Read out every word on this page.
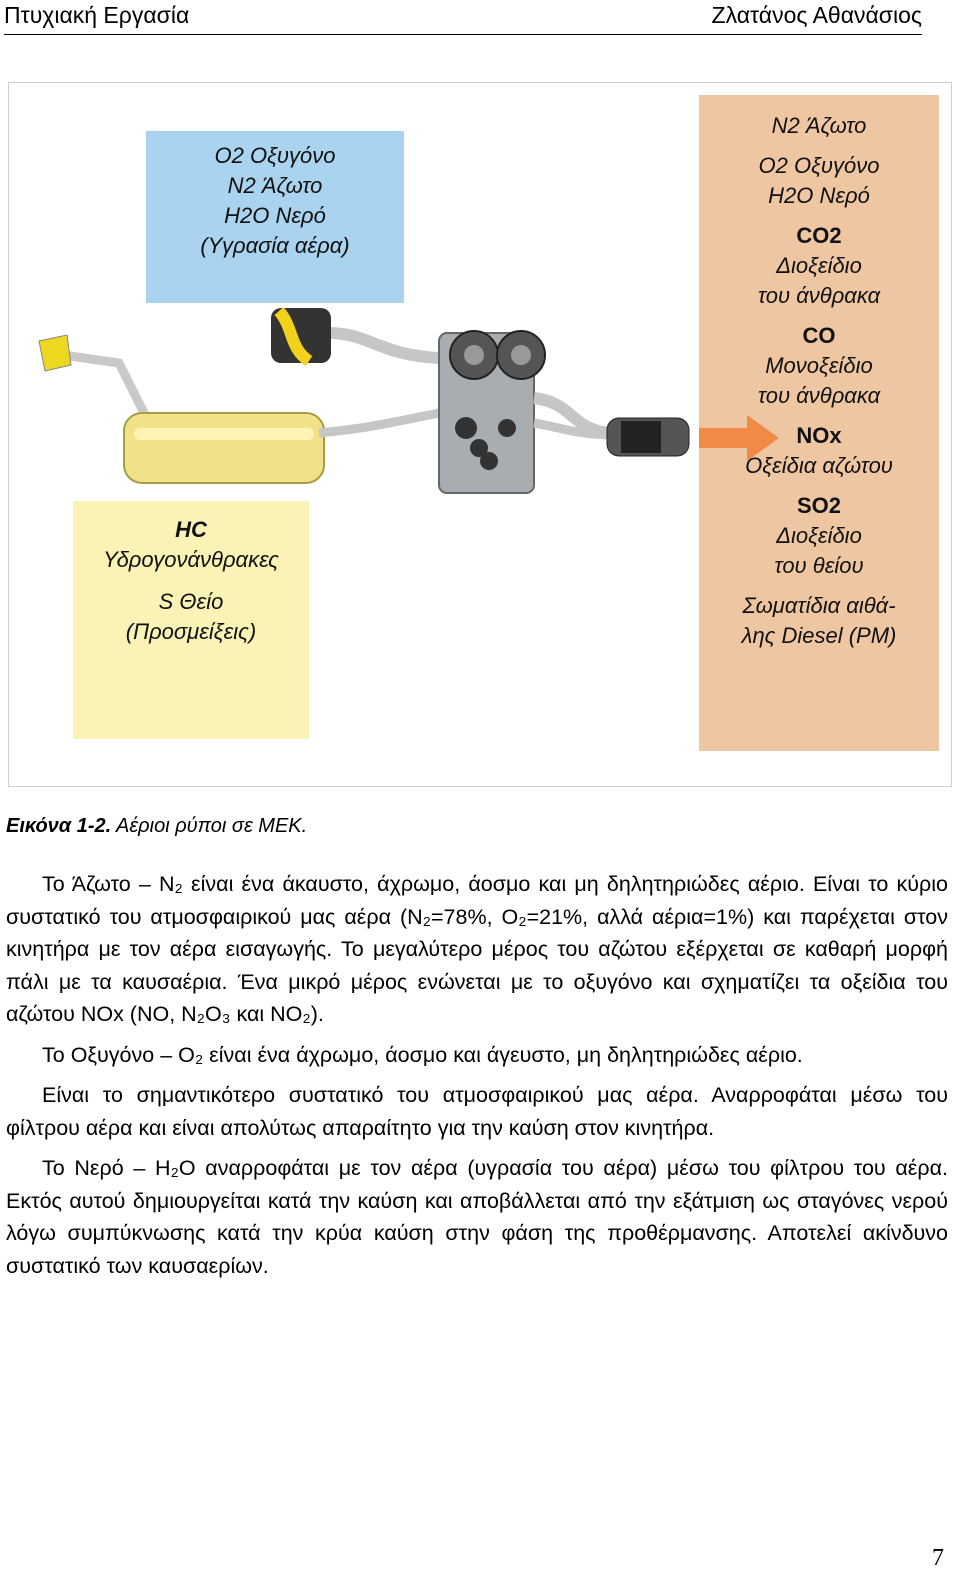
Πτυχιακή Εργασία	Ζλατάνος Αθανάσιος
O2 Οξυγόνο
N2 Άζωτο
H2O Νερό
(Υγρασία αέρα)
HC
Υδρογονάνθρακες
S Θείο
(Προσμείξεις)
N2 Άζωτο
O2 Οξυγόνο
H2O Νερό
CO2
Διοξείδιο
του άνθρακα
CO
Μονοξείδιο
του άνθρακα
NOx
Οξείδια αζώτου
SO2
Διοξείδιο
του θείου
Σωματίδια αιθά-
λης Diesel (PM)
Εικόνα 1-2. Αέριοι ρύποι σε ΜΕΚ.

Το Άζωτο – N₂ είναι ένα άκαυστο, άχρωμο, άοσμο και μη δηλητηριώδες αέριο. Είναι το κύριο συστατικό του ατμοσφαιρικού μας αέρα (N₂=78%, O₂=21%, αλλά αέρια=1%) και παρέχεται στον κινητήρα με τον αέρα εισαγωγής. Το μεγαλύτερο μέρος του αζώτου εξέρχεται σε καθαρή μορφή πάλι με τα καυσαέρια. Ένα μικρό μέρος ενώνεται με το οξυγόνο και σχηματίζει τα οξείδια του αζώτου NOx (NO, N₂O₃ και NO₂).

Το Οξυγόνο – O₂ είναι ένα άχρωμο, άοσμο και άγευστο, μη δηλητηριώδες αέριο.

Είναι το σημαντικότερο συστατικό του ατμοσφαιρικού μας αέρα. Αναρροφάται μέσω του φίλτρου αέρα και είναι απολύτως απαραίτητο για την καύση στον κινητήρα.

Το Νερό – H₂O αναρροφάται με τον αέρα (υγρασία του αέρα) μέσω του φίλτρου του αέρα. Εκτός αυτού δημιουργείται κατά την καύση και αποβάλλεται από την εξάτμιση ως σταγόνες νερού λόγω συμπύκνωσης κατά την κρύα καύση στην φάση της προθέρμανσης. Αποτελεί ακίνδυνο συστατικό των καυσαερίων.

7
